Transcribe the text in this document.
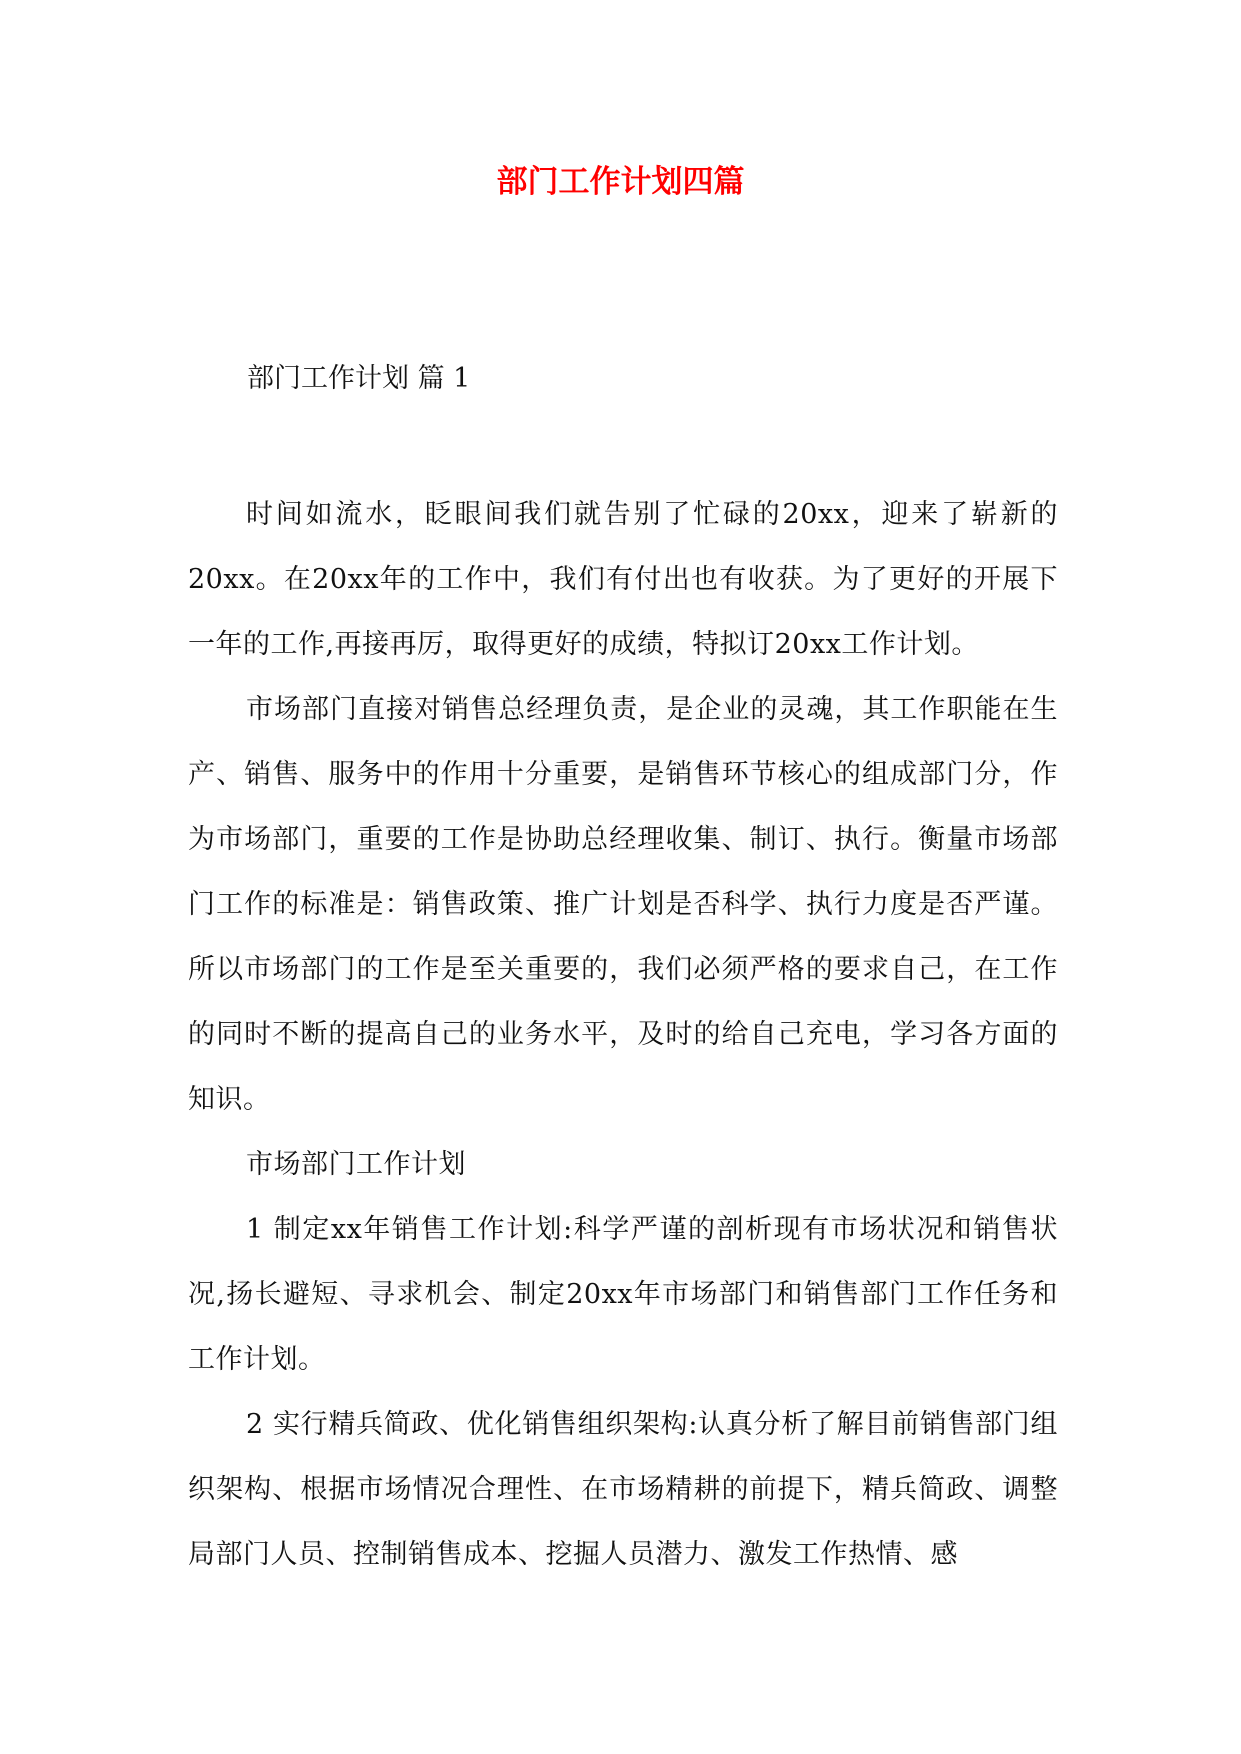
部门工作计划四篇

部门工作计划 篇 1

时间如流水，眨眼间我们就告别了忙碌的20xx，迎来了崭新的20xx。在20xx年的工作中，我们有付出也有收获。为了更好的开展下一年的工作,再接再厉，取得更好的成绩，特拟订20xx工作计划。

市场部门直接对销售总经理负责，是企业的灵魂，其工作职能在生产、销售、服务中的作用十分重要，是销售环节核心的组成部门分，作为市场部门，重要的工作是协助总经理收集、制订、执行。衡量市场部门工作的标准是：销售政策、推广计划是否科学、执行力度是否严谨。 所以市场部门的工作是至关重要的，我们必须严格的要求自己，在工作的同时不断的提高自己的业务水平，及时的给自己充电，学习各方面的知识。

市场部门工作计划

1 制定xx年销售工作计划:科学严谨的剖析现有市场状况和销售状况,扬长避短、寻求机会、制定20xx年市场部门和销售部门工作任务和工作计划。

2 实行精兵简政、优化销售组织架构:认真分析了解目前销售部门组织架构、根据市场情况合理性、在市场精耕的前提下，精兵简政、调整局部门人员、控制销售成本、挖掘人员潜力、激发工作热情、感
